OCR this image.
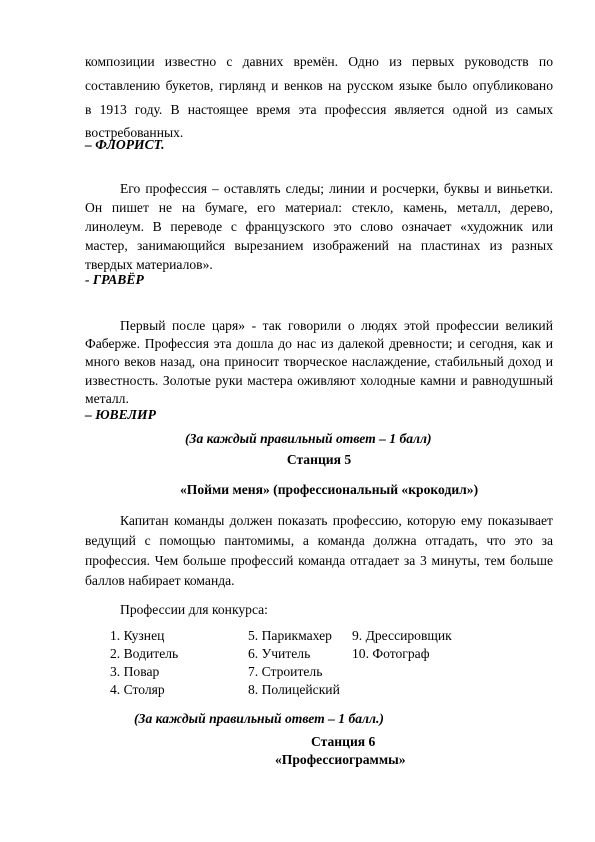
композиции известно с давних времён. Одно из первых руководств по
составлению букетов, гирлянд и венков на русском языке было опубликовано
в 1913 году. В настоящее время эта профессия является одной из самых
востребованных.
– ФЛОРИСТ.
Его профессия – оставлять следы; линии и росчерки, буквы и виньетки.
Он пишет не на бумаге, его материал: стекло, камень, металл, дерево,
линолеум. В переводе с французского это слово означает «художник или
мастер, занимающийся вырезанием изображений на пластинах из разных
твердых материалов».
- ГРАВЁР
Первый после царя» - так говорили о людях этой профессии великий
Фаберже. Профессия эта дошла до нас из далекой древности; и сегодня, как и
много веков назад, она приносит творческое наслаждение, стабильный доход и
известность. Золотые руки мастера оживляют холодные камни и равнодушный
металл.
– ЮВЕЛИР
(За каждый правильный ответ – 1 балл)
Станция 5
«Пойми меня» (профессиональный «крокодил»)
Капитан команды должен показать профессию, которую ему показывает
ведущий с помощью пантомимы, а команда должна отгадать, что это за
профессия. Чем больше профессий команда отгадает за 3 минуты, тем больше
баллов набирает команда.
Профессии для конкурса:
1. Кузнец
2. Водитель
3. Повар
4. Столяр
5. Парикмахер
6. Учитель
7. Строитель
8. Полицейский
9. Дрессировщик
10. Фотограф
(За каждый правильный ответ – 1 балл.)
Станция 6
«Профессиограммы»
